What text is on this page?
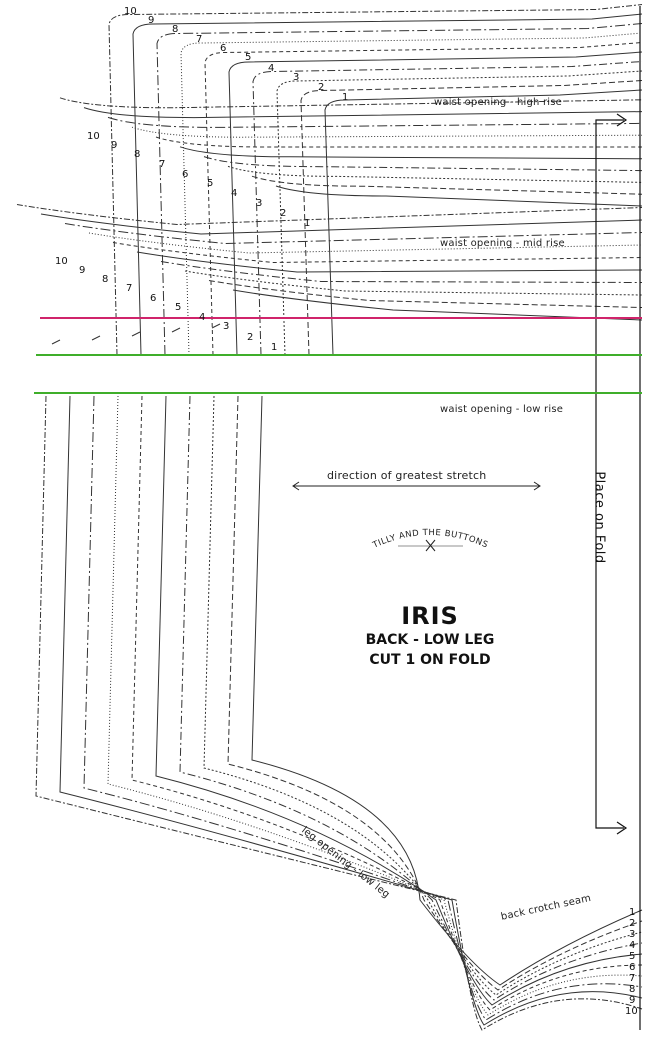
waist opening - high rise
waist opening - mid rise
waist opening - low rise
direction of greatest stretch
TILLY AND THE BUTTONS
IRIS
BACK - LOW LEG
CUT 1 ON FOLD
Place on Fold
leg opening - low leg
back crotch seam
1
2
3
4
5
6
7
8
9
10
1
2
3
4
5
6
7
8
9
10
1
2
3
4
5
6
7
8
9
10
1
2
3
4
5
6
7
8
9
10
